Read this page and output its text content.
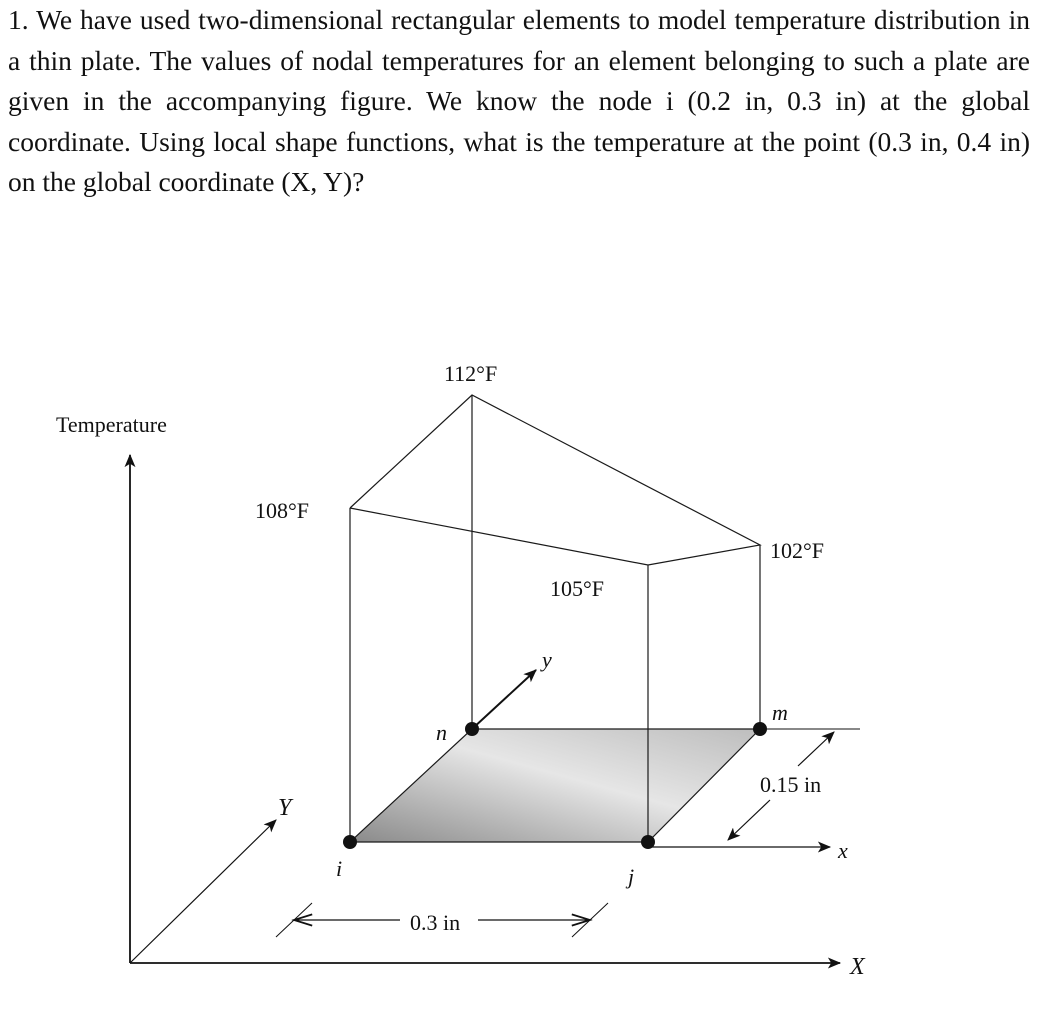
1. We have used two-dimensional rectangular elements to model temperature distribution in a thin plate. The values of nodal temperatures for an element belonging to such a plate are given in the accompanying figure. We know the node i (0.2 in, 0.3 in) at the global coordinate. Using local shape functions, what is the temperature at the point (0.3 in, 0.4 in) on the global coordinate (X, Y)?

Temperature
X
Y
x
y
i	j
m
n
108°F
112°F
105°F
102°F
0.3 in
0.15 in
